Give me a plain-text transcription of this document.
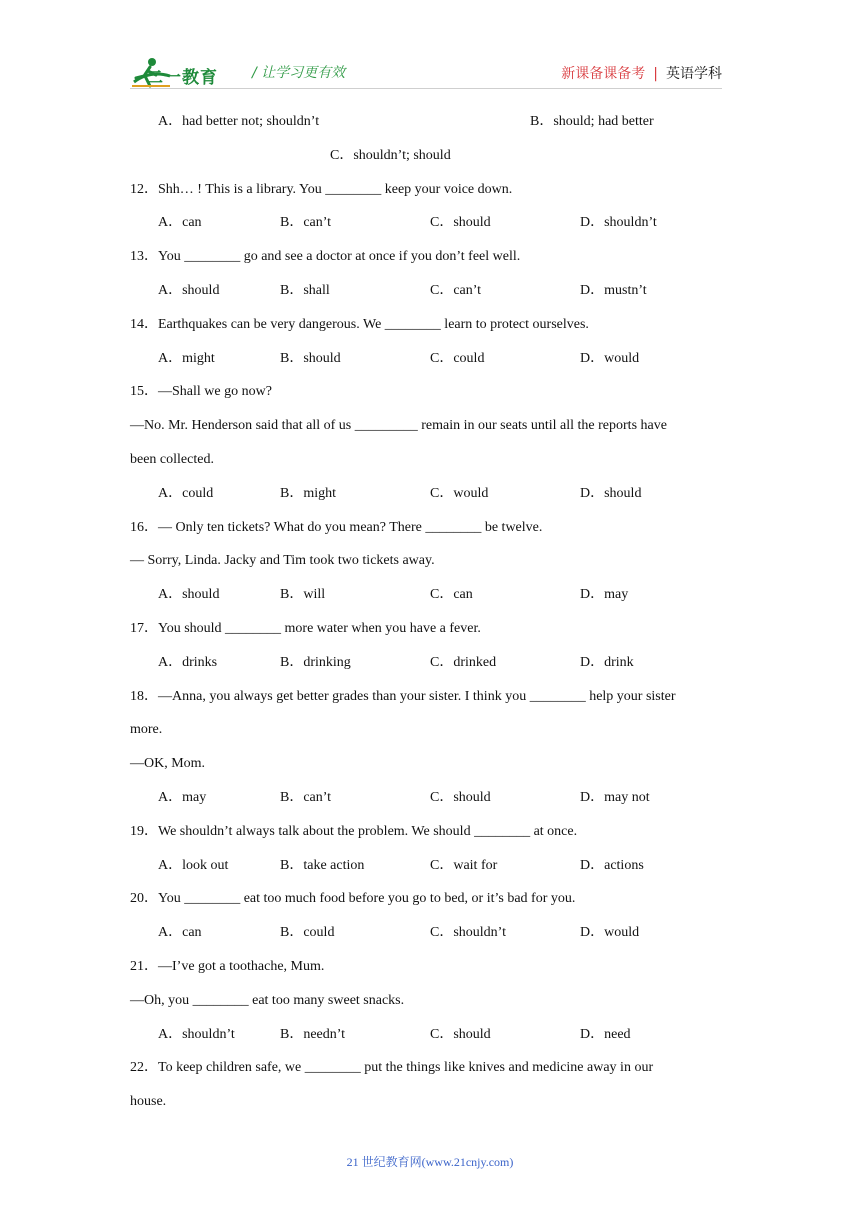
二一教育 / 让学习更有效	新课备课备考 | 英语学科
A．had better not; shouldn’t	B．should; had better
C．shouldn’t; should
12．Shh… ! This is a library. You ________ keep your voice down.
A．can	B．can’t	C．should	D．shouldn’t
13．You ________ go and see a doctor at once if you don’t feel well.
A．should	B．shall	C．can’t	D．mustn’t
14．Earthquakes can be very dangerous. We ________ learn to protect ourselves.
A．might	B．should	C．could	D．would
15．—Shall we go now?
—No. Mr. Henderson said that all of us _________ remain in our seats until all the reports have
been collected.
A．could	B．might	C．would	D．should
16．— Only ten tickets? What do you mean? There ________ be twelve.
— Sorry, Linda. Jacky and Tim took two tickets away.
A．should	B．will	C．can	D．may
17．You should ________ more water when you have a fever.
A．drinks	B．drinking	C．drinked	D．drink
18．—Anna, you always get better grades than your sister. I think you ________ help your sister
more.
—OK, Mom.
A．may	B．can’t	C．should	D．may not
19．We shouldn’t always talk about the problem. We should ________ at once.
A．look out	B．take action	C．wait for	D．actions
20．You ________ eat too much food before you go to bed, or it’s bad for you.
A．can	B．could	C．shouldn’t	D．would
21．—I’ve got a toothache, Mum.
—Oh, you ________ eat too many sweet snacks.
A．shouldn’t	B．needn’t	C．should	D．need
22．To keep children safe, we ________ put the things like knives and medicine away in our
house.
21 世纪教育网(www.21cnjy.com)
